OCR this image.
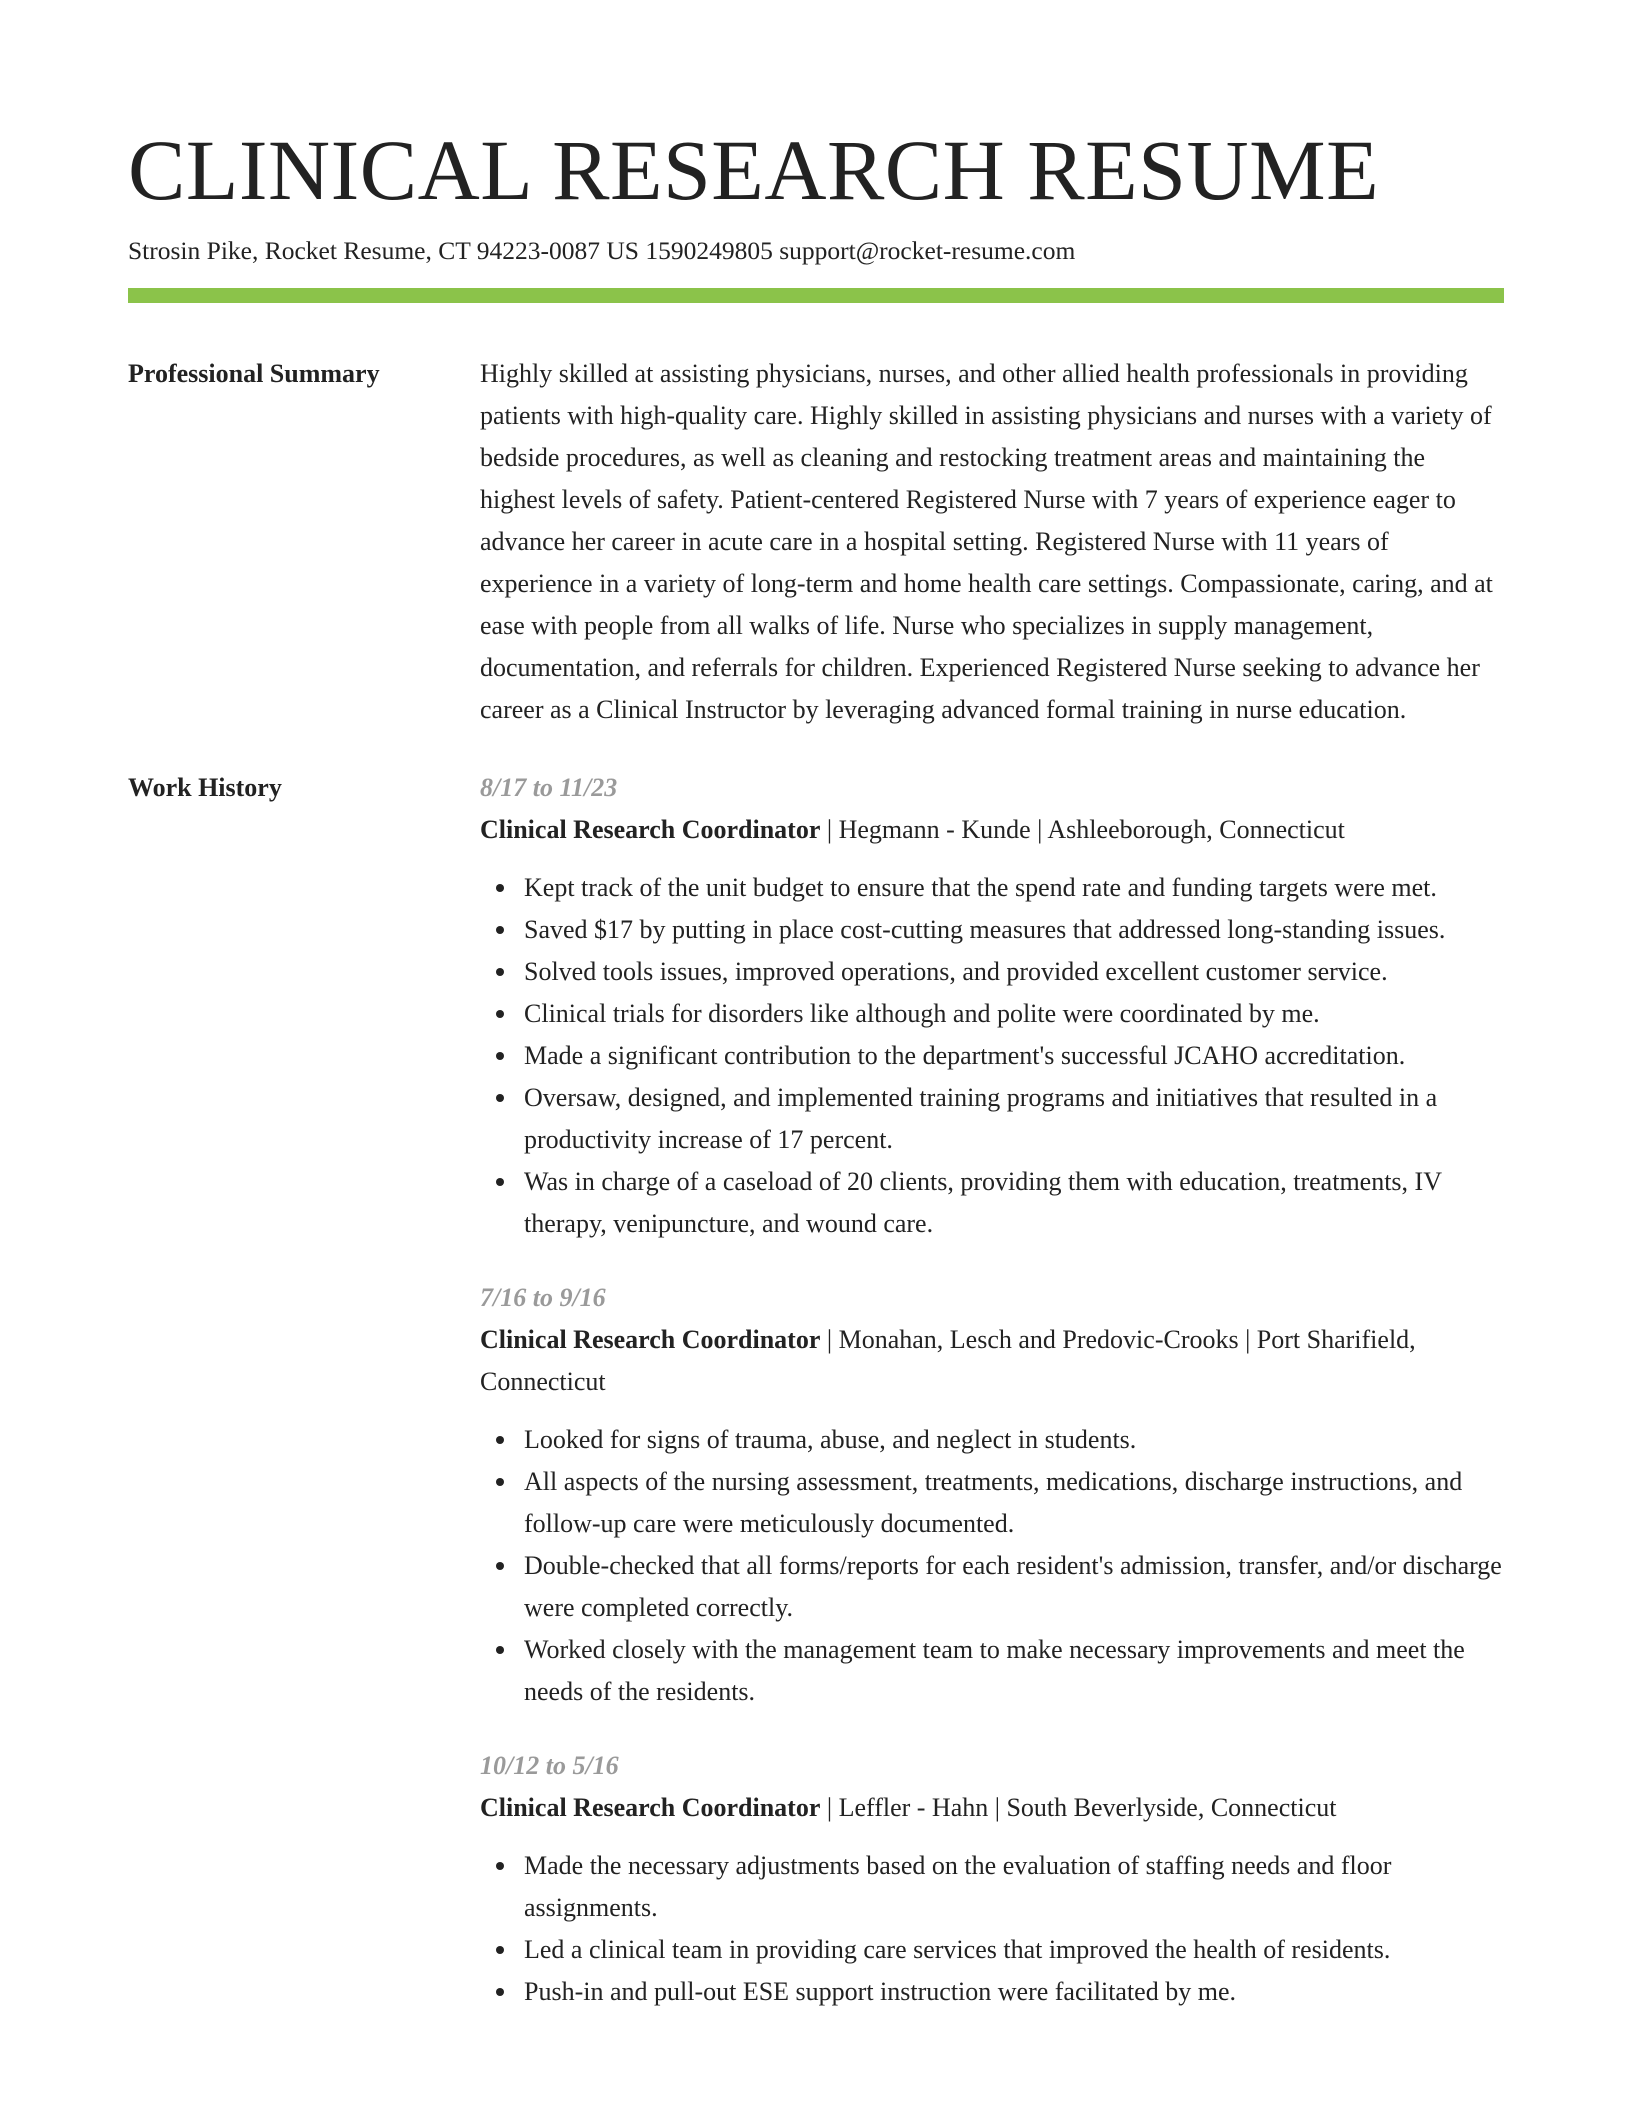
CLINICAL RESEARCH RESUME
Strosin Pike, Rocket Resume, CT 94223-0087 US 1590249805 support@rocket-resume.com
Professional Summary	Highly skilled at assisting physicians, nurses, and other allied health professionals in providing patients with high-quality care. Highly skilled in assisting physicians and nurses with a variety of bedside procedures, as well as cleaning and restocking treatment areas and maintaining the highest levels of safety. Patient-centered Registered Nurse with 7 years of experience eager to advance her career in acute care in a hospital setting. Registered Nurse with 11 years of experience in a variety of long-term and home health care settings. Compassionate, caring, and at ease with people from all walks of life. Nurse who specializes in supply management, documentation, and referrals for children. Experienced Registered Nurse seeking to advance her career as a Clinical Instructor by leveraging advanced formal training in nurse education.

Work History	8/17 to 11/23
Clinical Research Coordinator | Hegmann - Kunde | Ashleeborough, Connecticut
Kept track of the unit budget to ensure that the spend rate and funding targets were met.
Saved $17 by putting in place cost-cutting measures that addressed long-standing issues.
Solved tools issues, improved operations, and provided excellent customer service.
Clinical trials for disorders like although and polite were coordinated by me.
Made a significant contribution to the department's successful JCAHO accreditation.
Oversaw, designed, and implemented training programs and initiatives that resulted in a productivity increase of 17 percent.
Was in charge of a caseload of 20 clients, providing them with education, treatments, IV therapy, venipuncture, and wound care.
7/16 to 9/16
Clinical Research Coordinator | Monahan, Lesch and Predovic-Crooks | Port Sharifield, Connecticut
Looked for signs of trauma, abuse, and neglect in students.
All aspects of the nursing assessment, treatments, medications, discharge instructions, and follow-up care were meticulously documented.
Double-checked that all forms/reports for each resident's admission, transfer, and/or discharge were completed correctly.
Worked closely with the management team to make necessary improvements and meet the needs of the residents.
10/12 to 5/16
Clinical Research Coordinator | Leffler - Hahn | South Beverlyside, Connecticut
Made the necessary adjustments based on the evaluation of staffing needs and floor assignments.
Led a clinical team in providing care services that improved the health of residents.
Push-in and pull-out ESE support instruction were facilitated by me.
